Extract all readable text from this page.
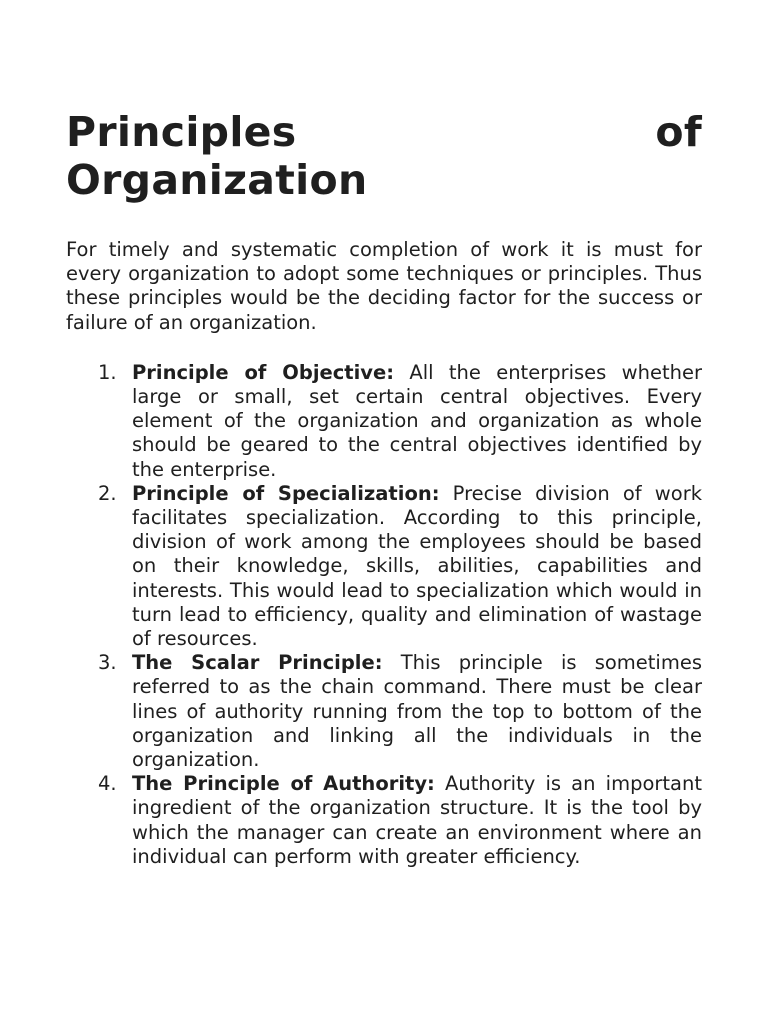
Principles	of
Organization

For timely and systematic completion of work it is must for every organization to adopt some techniques or principles. Thus these principles would be the deciding factor for the success or failure of an organization.

1. Principle of Objective: All the enterprises whether large or small, set certain central objectives. Every element of the organization and organization as whole should be geared to the central objectives identified by the enterprise.
2. Principle of Specialization: Precise division of work facilitates specialization. According to this principle, division of work among the employees should be based on their knowledge, skills, abilities, capabilities and interests. This would lead to specialization which would in turn lead to efficiency, quality and elimination of wastage of resources.
3. The Scalar Principle: This principle is sometimes referred to as the chain command. There must be clear lines of authority running from the top to bottom of the organization and linking all the individuals in the organization.
4. The Principle of Authority: Authority is an important ingredient of the organization structure. It is the tool by which the manager can create an environment where an individual can perform with greater efficiency.
